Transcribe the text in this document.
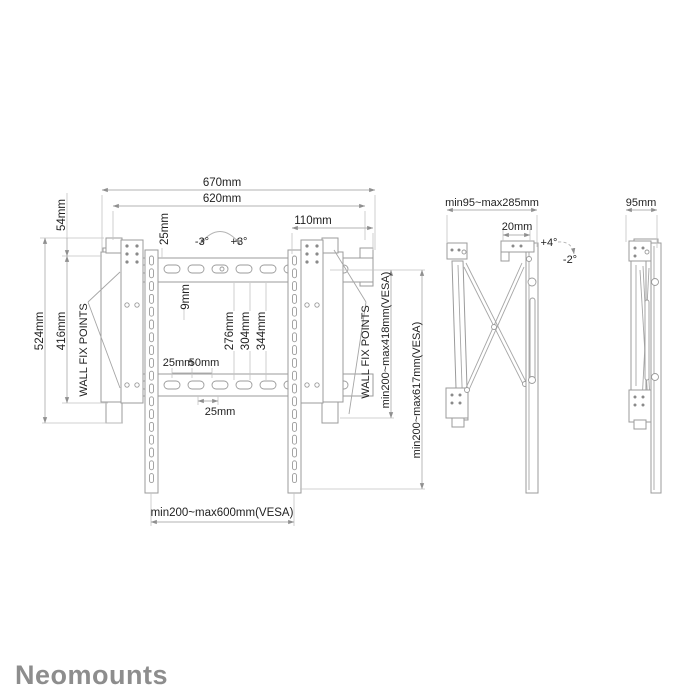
670mm
620mm
110mm
-3° +3°
54mm
524mm 416mm
25mm
9mm
276mm 304mm 344mm
25mm
50mm
25mm
WALL FIX POINTS	WALL FIX POINTS min200~max418mm(VESA) min200~max617mm(VESA)
min200~max600mm(VESA)
min95~max285mm
20mm
+4°
-2°
95mm
Neomounts
